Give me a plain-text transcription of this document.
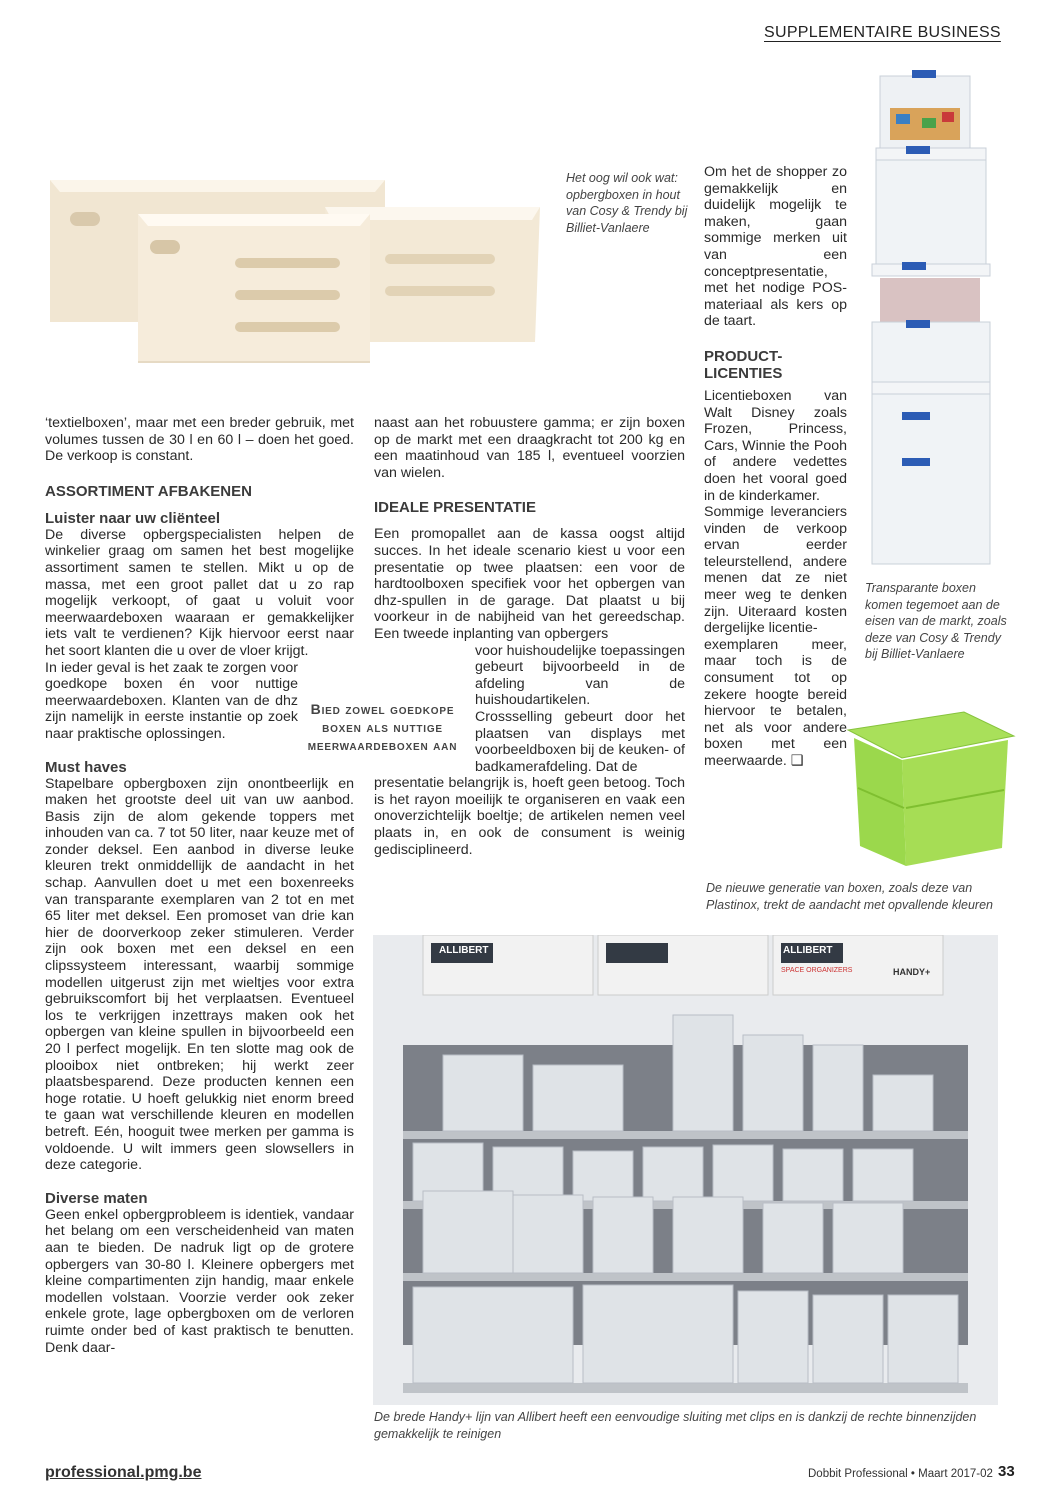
SUPPLEMENTAIRE BUSINESS

Het oog wil ook wat: opbergboxen in hout van Cosy & Trendy bij Billiet-Vanlaere

Transparante boxen komen tegemoet aan de eisen van de markt, zoals deze van Cosy & Trendy bij Billiet-Vanlaere

De nieuwe generatie van boxen, zoals deze van Plastinox, trekt de aandacht met opvallende kleuren

ALLIBERT	ALLIBERT
HANDY+
SPACE ORGANIZERS

De brede Handy+ lijn van Allibert heeft een eenvoudige sluiting met clips en is dankzij de rechte binnenzijden gemakkelijk te reinigen

‘textielboxen’, maar met een breder gebruik, met volumes tussen de 30 l en 60 l – doen het goed. De verkoop is constant.

ASSORTIMENT AFBAKENEN

Luister naar uw cliënteel

De diverse opbergspecialisten helpen de winkelier graag om samen het best mogelijke assortiment samen te stellen. Mikt u op de massa, met een groot pallet dat u zo rap mogelijk verkoopt, of gaat u voluit voor meerwaardeboxen waaraan er gemakkelijker iets valt te verdienen? Kijk hiervoor eerst naar het soort klanten die u over de vloer krijgt.

In ieder geval is het zaak te zorgen voor goedkope boxen én voor nuttige meerwaardeboxen. Klanten van de dhz zijn namelijk in eerste instantie op zoek naar praktische oplossingen.

Must haves

Stapelbare opbergboxen zijn onontbeerlijk en maken het grootste deel uit van uw aanbod. Basis zijn de alom gekende toppers met inhouden van ca. 7 tot 50 liter, naar keuze met of zonder deksel. Een aanbod in diverse leuke kleuren trekt onmiddellijk de aandacht in het schap. Aanvullen doet u met een boxenreeks van transparante exemplaren van 2 tot en met 65 liter met deksel. Een promoset van drie kan hier de doorverkoop zeker stimuleren. Verder zijn ook boxen met een deksel en een clipssysteem interessant, waarbij sommige modellen uitgerust zijn met wieltjes voor extra gebruikscomfort bij het verplaatsen. Eventueel los te verkrijgen inzettrays maken ook het opbergen van kleine spullen in bijvoorbeeld een 20 l perfect mogelijk. En ten slotte mag ook de plooibox niet ontbreken; hij werkt zeer plaatsbesparend. Deze producten kennen een hoge rotatie. U hoeft gelukkig niet enorm breed te gaan wat verschillende kleuren en modellen betreft. Eén, hooguit twee merken per gamma is voldoende. U wilt immers geen slowsellers in deze categorie.

Diverse maten

Geen enkel opbergprobleem is identiek, vandaar het belang om een verscheidenheid van maten aan te bieden. De nadruk ligt op de grotere opbergers van 30-80 l. Kleinere opbergers met kleine compartimenten zijn handig, maar enkele modellen volstaan. Voorzie verder ook zeker enkele grote, lage opbergboxen om de verloren ruimte onder bed of kast praktisch te benutten. Denk daar-

Bied zowel goedkope boxen als nuttige meerwaardeboxen aan

naast aan het robuustere gamma; er zijn boxen op de markt met een draagkracht tot 200 kg en een maatinhoud van 185 l, eventueel voorzien van wielen.

IDEALE PRESENTATIE

Een promopallet aan de kassa oogst altijd succes. In het ideale scenario kiest u voor een presentatie op twee plaatsen: een voor de hardtoolboxen specifiek voor het opbergen van dhz-spullen in de garage. Dat plaatst u bij voorkeur in de nabijheid van het gereedschap. Een tweede inplanting van opbergers

voor huishoudelijke toepassingen gebeurt bijvoorbeeld in de afdeling van de huishoudartikelen.

Crossselling gebeurt door het plaatsen van displays met voorbeeldboxen bij de keuken- of badkamerafdeling. Dat de

presentatie belangrijk is, hoeft geen betoog. Toch is het rayon moeilijk te organiseren en vaak een onoverzichtelijk boeltje; de artikelen nemen veel plaats in, en ook de consument is weinig gedisciplineerd.

Om het de shopper zo gemakkelijk en duidelijk mogelijk te maken, gaan sommige merken uit van een conceptpresentatie, met het nodige POS-materiaal als kers op de taart.

PRODUCT-LICENTIES

Licentieboxen van Walt Disney zoals Frozen, Princess, Cars, Winnie the Pooh of andere vedettes doen het vooral goed in de kinderkamer.

Sommige leveranciers vinden de verkoop ervan eerder teleurstellend, andere menen dat ze niet meer weg te denken zijn. Uiteraard kosten dergelijke licentie-

exemplaren meer, maar toch is de consument tot op zekere hoogte bereid hiervoor te betalen, net als voor andere boxen met een meerwaarde. ❑

professional.pmg.be	Dobbit Professional • Maart 2017-02 33
